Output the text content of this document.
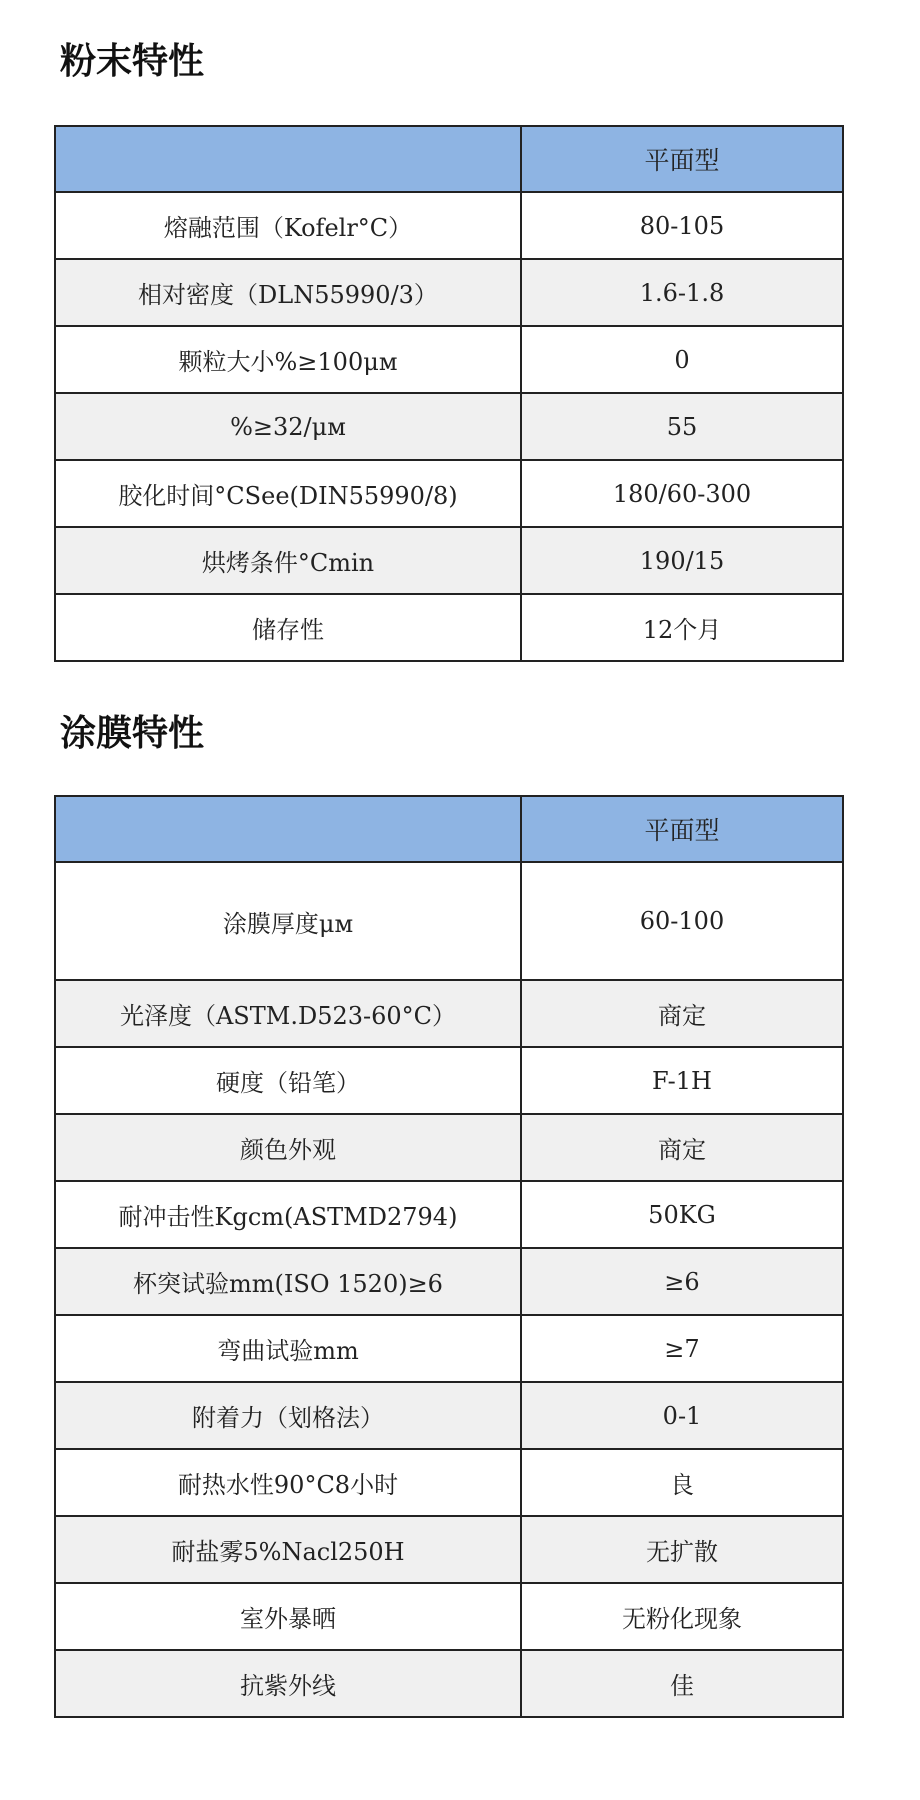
粉末特性
	平面型
熔融范围（Kofelr°C）	80-105
相对密度（DLN55990/3）	1.6-1.8
颗粒大小%≥100μм	0
%≥32/μм	55
胶化时间°CSee(DIN55990/8)	180/60-300
烘烤条件°Cmin	190/15
储存性	12个月
涂膜特性
	平面型
涂膜厚度μм	60-100
光泽度（ASTM.D523-60°C）	商定
硬度（铅笔）	F-1H
颜色外观	商定
耐冲击性Kgcm(ASTMD2794)	50KG
杯突试验mm(ISO 1520)≥6	≥6
弯曲试验mm	≥7
附着力（划格法）	0-1
耐热水性90°C8小时	良
耐盐雾5%Nacl250H	无扩散
室外暴晒	无粉化现象
抗紫外线	佳
